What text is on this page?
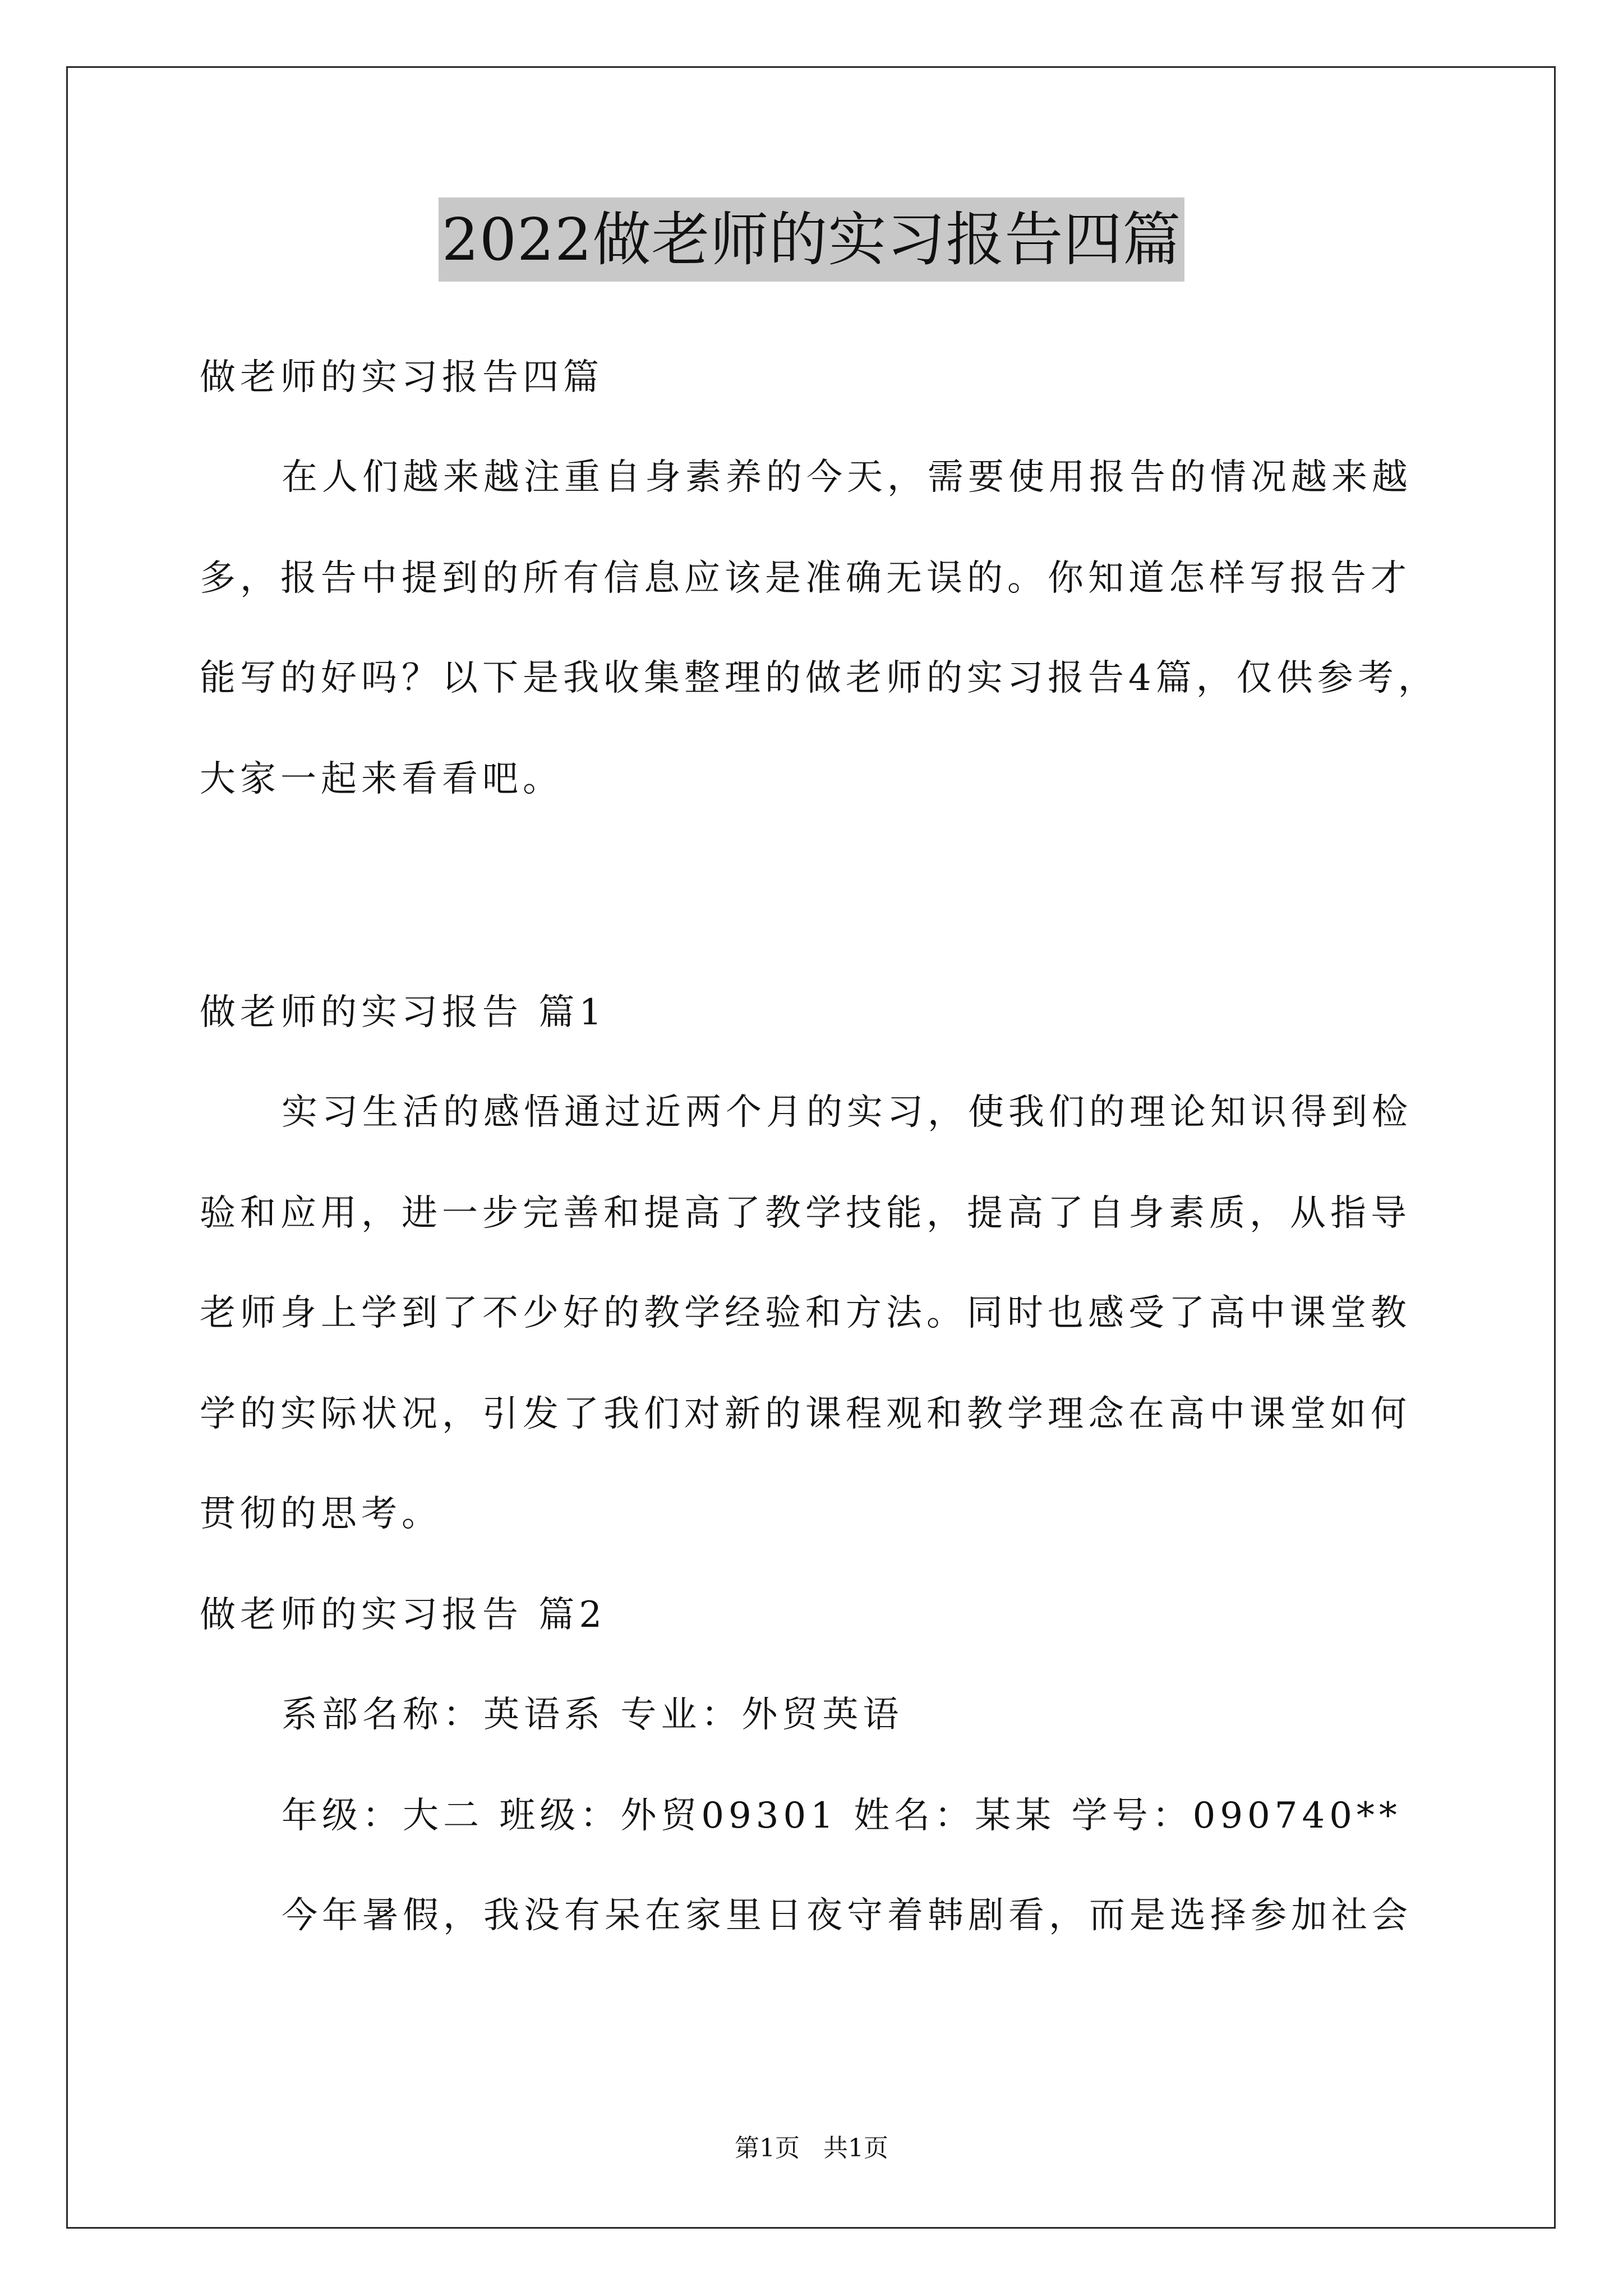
2022做老师的实习报告四篇
做老师的实习报告四篇
在人们越来越注重自身素养的今天，需要使用报告的情况越来越
多，报告中提到的所有信息应该是准确无误的。你知道怎样写报告才
能写的好吗？以下是我收集整理的做老师的实习报告4篇，仅供参考，
大家一起来看看吧。
做老师的实习报告 篇1
实习生活的感悟通过近两个月的实习，使我们的理论知识得到检
验和应用，进一步完善和提高了教学技能，提高了自身素质，从指导
老师身上学到了不少好的教学经验和方法。同时也感受了高中课堂教
学的实际状况，引发了我们对新的课程观和教学理念在高中课堂如何
贯彻的思考。
做老师的实习报告 篇2
系部名称：英语系 专业：外贸英语
年级：大二 班级：外贸09301 姓名：某某 学号：090740**
今年暑假，我没有呆在家里日夜守着韩剧看，而是选择参加社会
第1页 共1页
